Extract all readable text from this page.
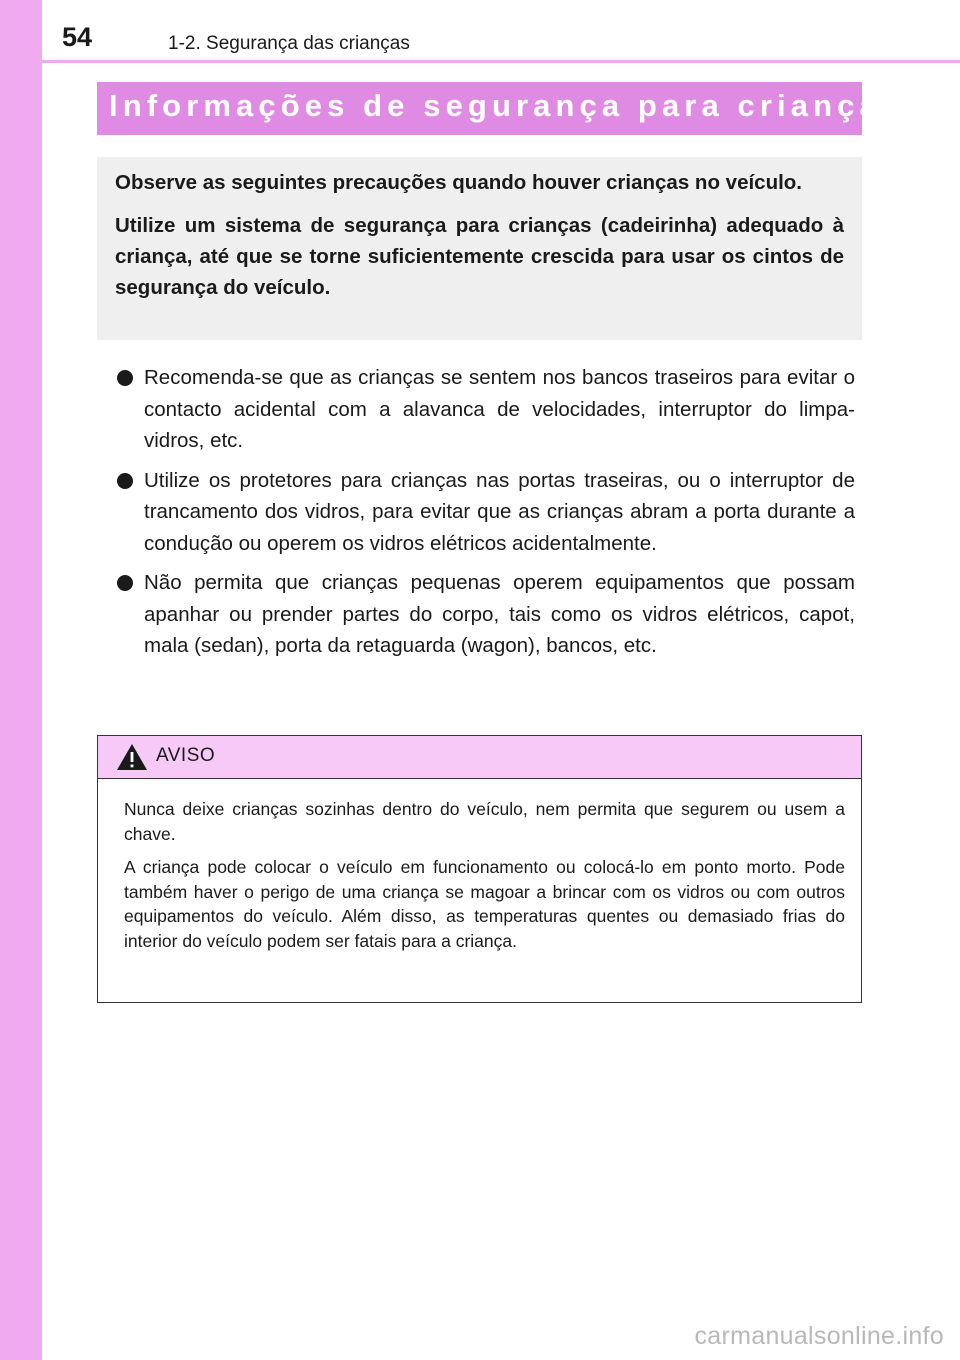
54	1-2. Segurança das crianças
Informações de segurança para crianças

Observe as seguintes precauções quando houver crianças no veículo.

Utilize um sistema de segurança para crianças (cadeirinha) adequado à criança, até que se torne suficientemente crescida para usar os cintos de segurança do veículo.

Recomenda-se que as crianças se sentem nos bancos traseiros para evitar o contacto acidental com a alavanca de velocidades, interruptor do limpa-vidros, etc.
Utilize os protetores para crianças nas portas traseiras, ou o interruptor de trancamento dos vidros, para evitar que as crianças abram a porta durante a condução ou operem os vidros elétricos acidentalmente.
Não permita que crianças pequenas operem equipamentos que possam apanhar ou prender partes do corpo, tais como os vidros elétricos, capot, mala (sedan), porta da retaguarda (wagon), bancos, etc.
AVISO

Nunca deixe crianças sozinhas dentro do veículo, nem permita que segurem ou usem a chave.

A criança pode colocar o veículo em funcionamento ou colocá-lo em ponto morto. Pode também haver o perigo de uma criança se magoar a brincar com os vidros ou com outros equipamentos do veículo. Além disso, as temperaturas quentes ou demasiado frias do interior do veículo podem ser fatais para a criança.

carmanualsonline.info
